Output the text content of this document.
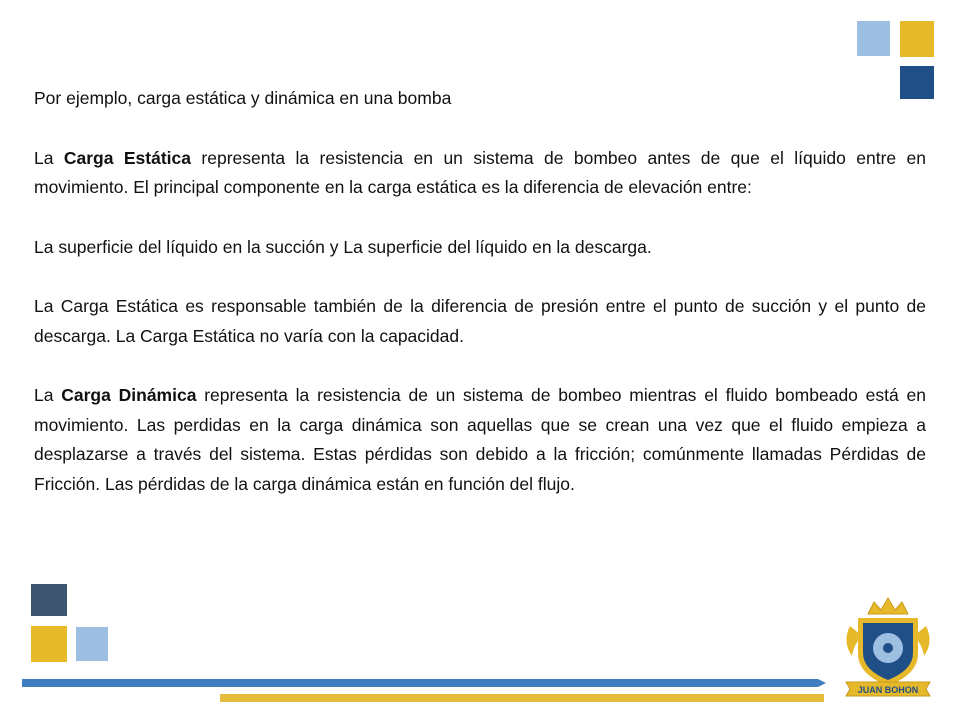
Por ejemplo, carga estática y dinámica en una bomba

La Carga Estática representa la resistencia en un sistema de bombeo antes de que el líquido entre en movimiento. El principal componente en la carga estática es la diferencia de elevación entre:

La superficie del líquido en la succión y La superficie del líquido en la descarga.

La Carga Estática es responsable también de la diferencia de presión entre el punto de succión y el punto de descarga. La Carga Estática no varía con la capacidad.

La Carga Dinámica representa la resistencia de un sistema de bombeo mientras el fluido bombeado está en movimiento. Las perdidas en la carga dinámica son aquellas que se crean una vez que el fluido empieza a desplazarse a través del sistema. Estas pérdidas son debido a la fricción; comúnmente llamadas Pérdidas de Fricción. Las pérdidas de la carga dinámica están en función del flujo.

JUAN BOHON
